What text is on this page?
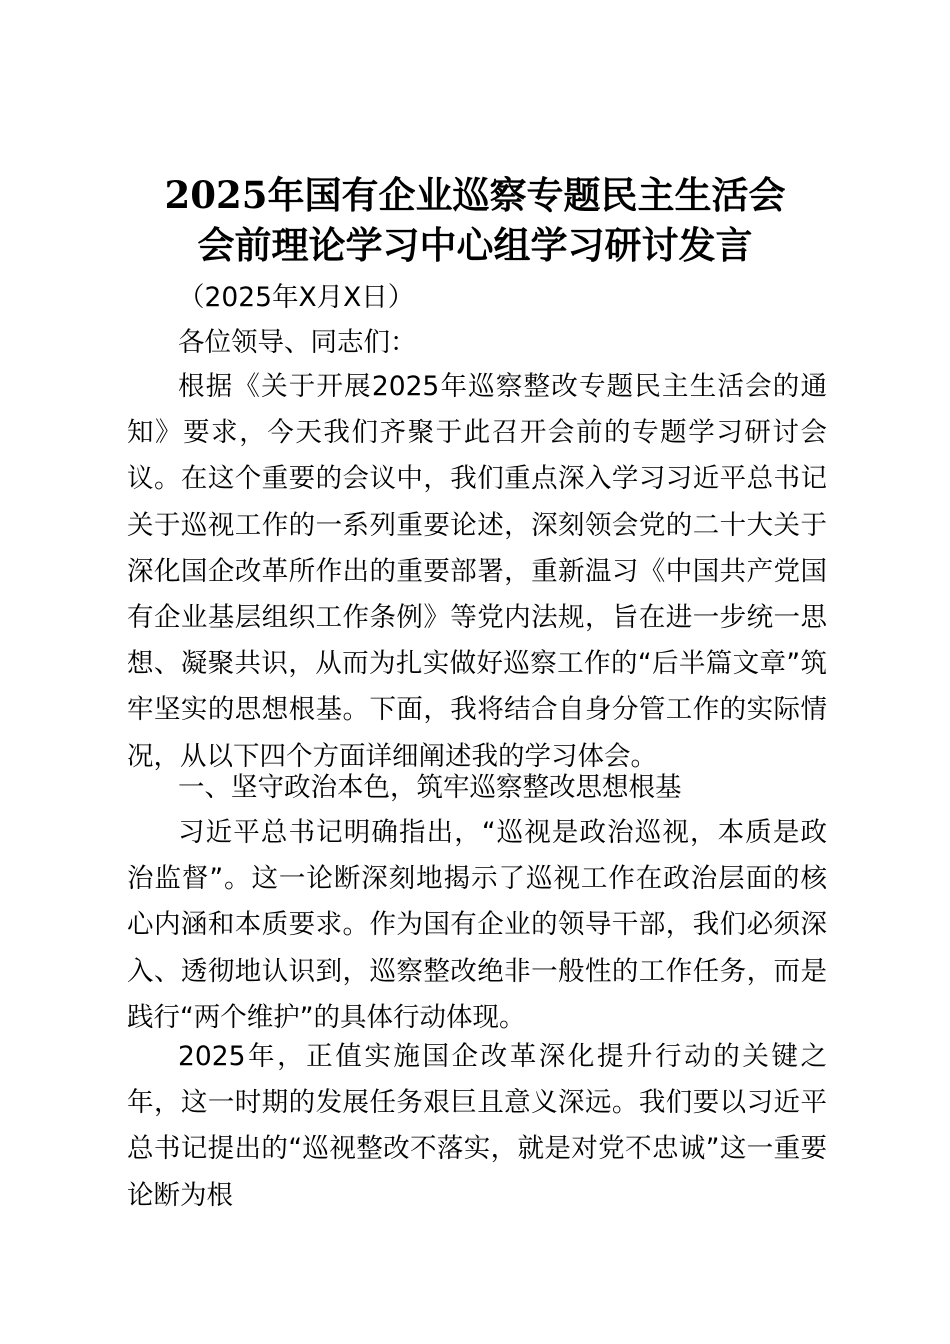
2025年国有企业巡察专题民主生活会
会前理论学习中心组学习研讨发言
（2025年X月X日）
各位领导、同志们：

根据《关于开展2025年巡察整改专题民主生活会的通知》要求，今天我们齐聚于此召开会前的专题学习研讨会议。在这个重要的会议中，我们重点深入学习习近平总书记关于巡视工作的一系列重要论述，深刻领会党的二十大关于深化国企改革所作出的重要部署，重新温习《中国共产党国有企业基层组织工作条例》等党内法规，旨在进一步统一思想、凝聚共识，从而为扎实做好巡察工作的“后半篇文章”筑牢坚实的思想根基。下面，我将结合自身分管工作的实际情况，从以下四个方面详细阐述我的学习体会。

一、坚守政治本色，筑牢巡察整改思想根基

习近平总书记明确指出，“巡视是政治巡视，本质是政治监督”。这一论断深刻地揭示了巡视工作在政治层面的核心内涵和本质要求。作为国有企业的领导干部，我们必须深入、透彻地认识到，巡察整改绝非一般性的工作任务，而是践行“两个维护”的具体行动体现。

2025年，正值实施国企改革深化提升行动的关键之年，这一时期的发展任务艰巨且意义深远。我们要以习近平总书记提出的“巡视整改不落实，就是对党不忠诚”这一重要论断为根
